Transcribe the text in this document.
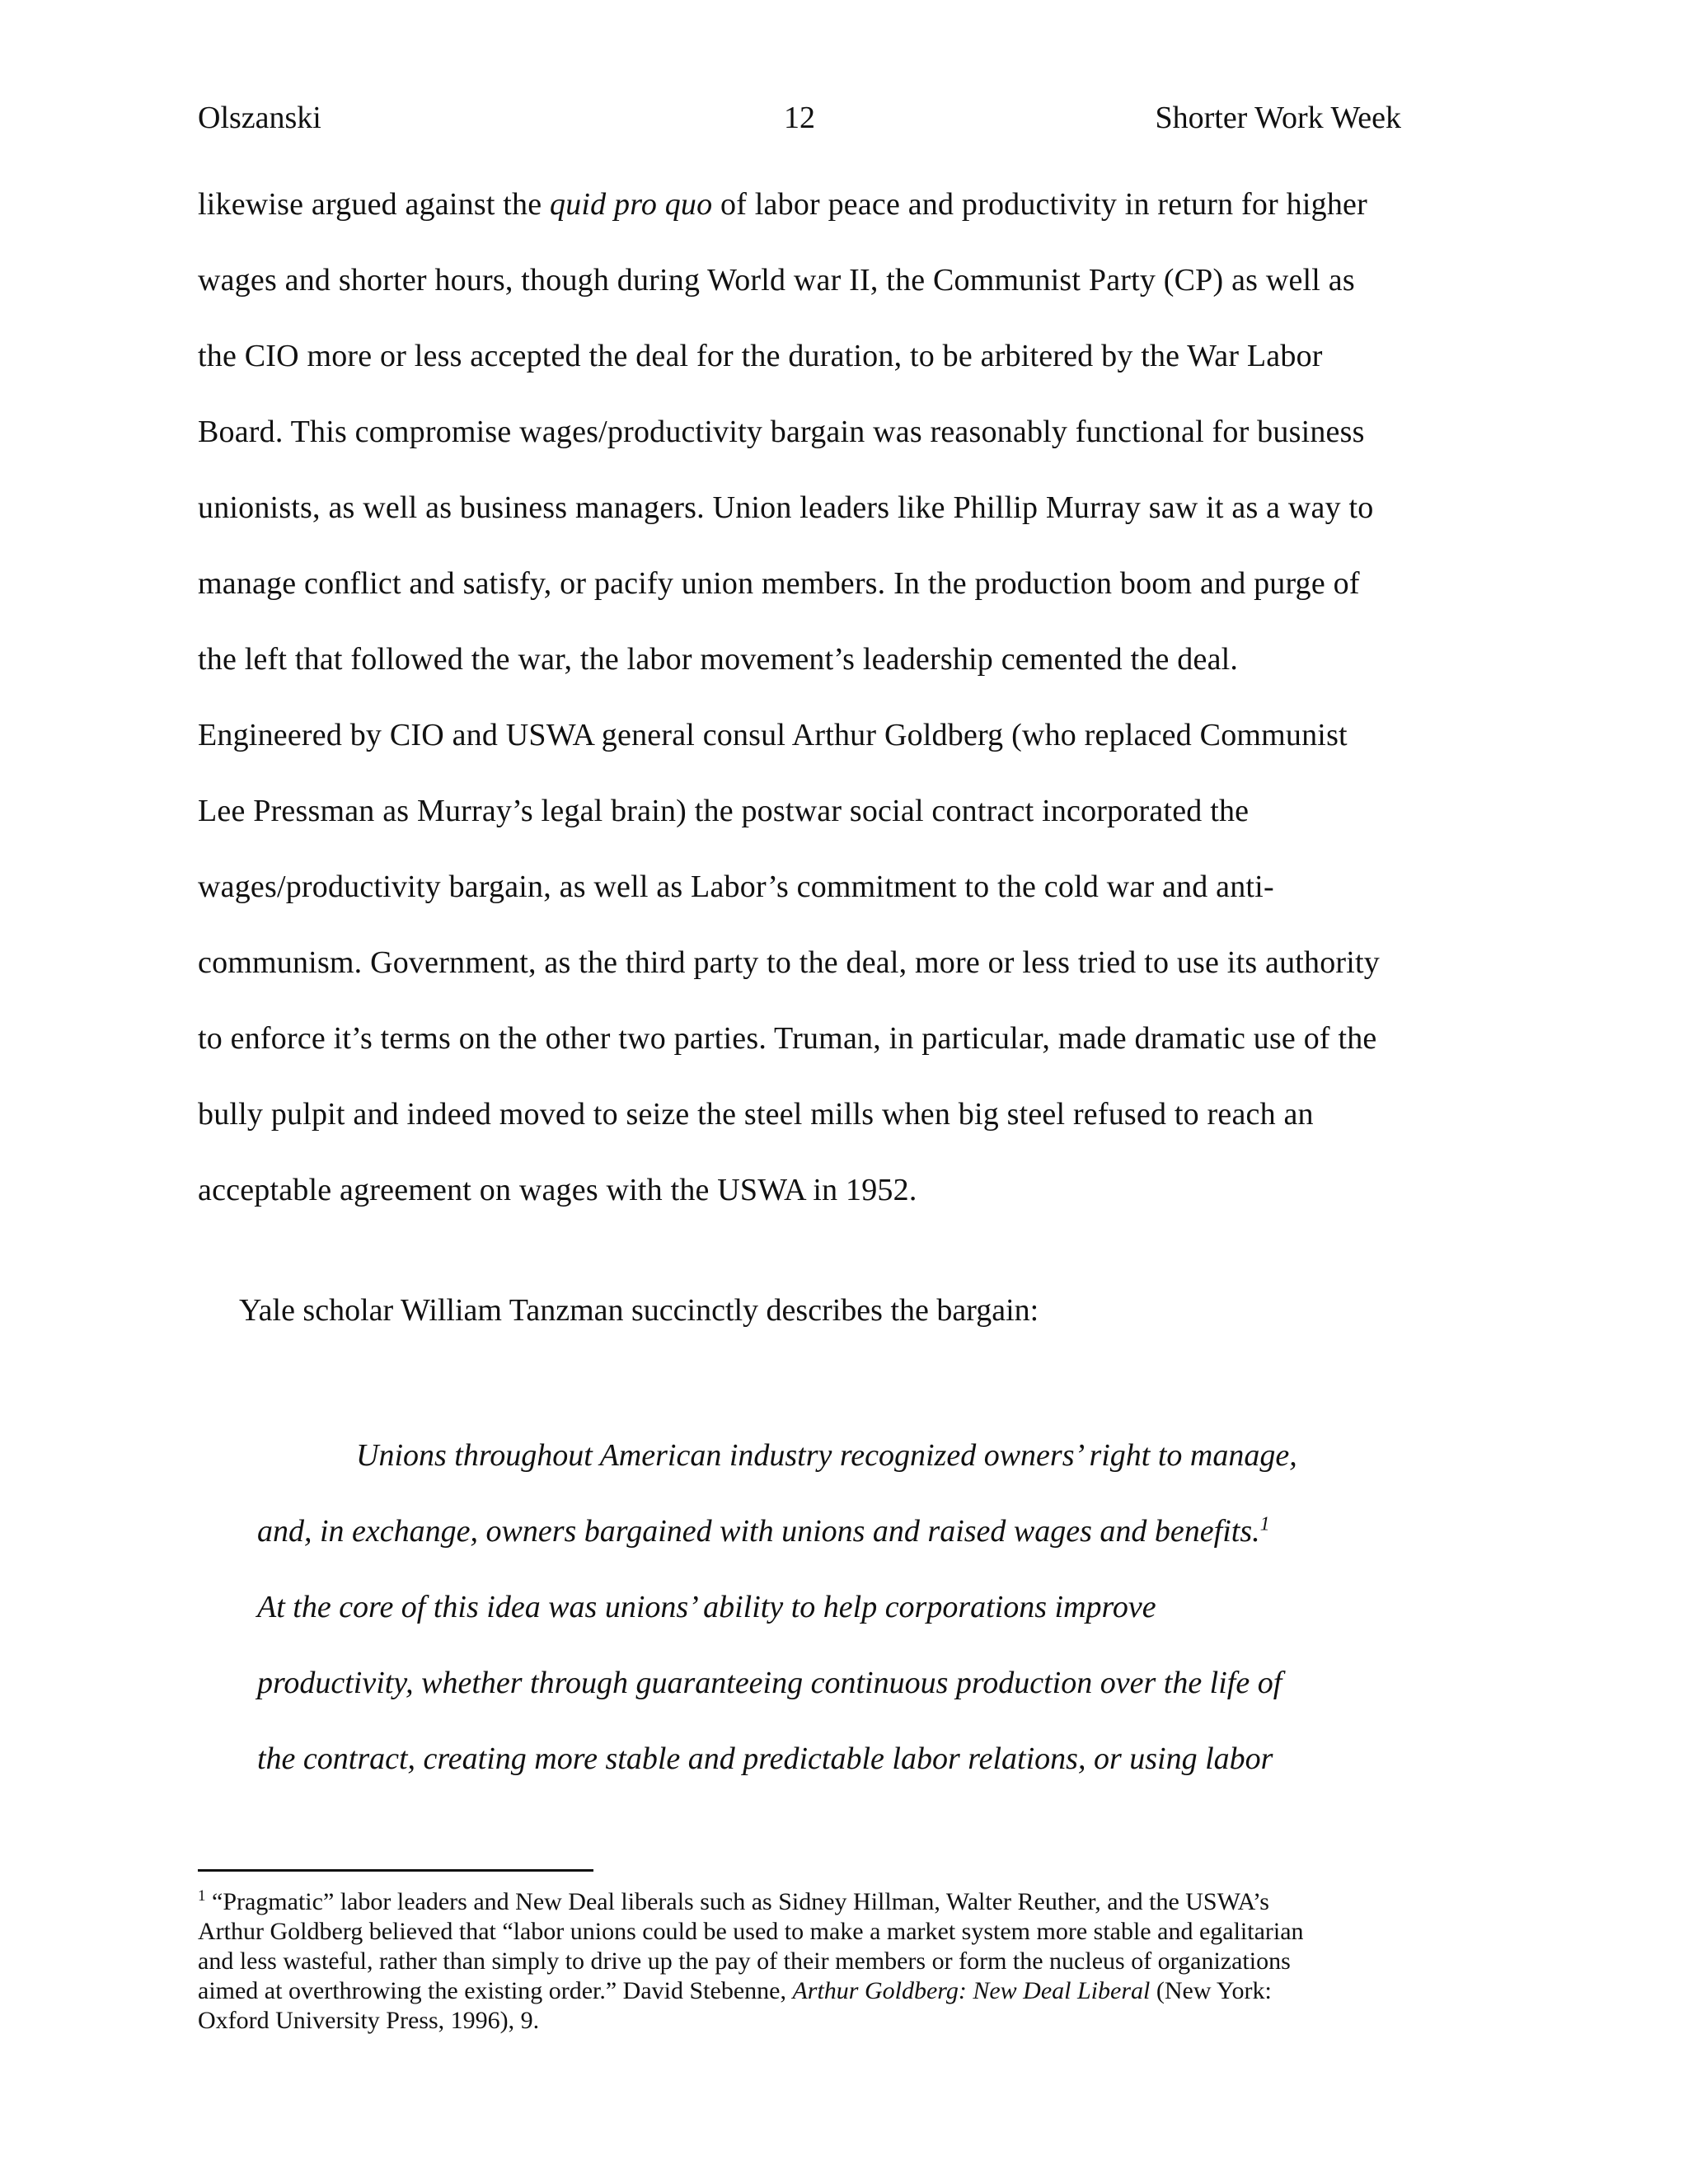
Olszanski	12	Shorter Work Week
likewise argued against the quid pro quo of labor peace and productivity in return for higher
wages and shorter hours, though during World war II, the Communist Party (CP) as well as
the CIO more or less accepted the deal for the duration, to be arbitered by the War Labor
Board. This compromise wages/productivity bargain was reasonably functional for business
unionists, as well as business managers. Union leaders like Phillip Murray saw it as a way to
manage conflict and satisfy, or pacify union members. In the production boom and purge of
the left that followed the war, the labor movement’s leadership cemented the deal.
Engineered by CIO and USWA general consul Arthur Goldberg (who replaced Communist
Lee Pressman as Murray’s legal brain) the postwar social contract incorporated the
wages/productivity bargain, as well as Labor’s commitment to the cold war and anti-
communism. Government, as the third party to the deal, more or less tried to use its authority
to enforce it’s terms on the other two parties. Truman, in particular, made dramatic use of the
bully pulpit and indeed moved to seize the steel mills when big steel refused to reach an
acceptable agreement on wages with the USWA in 1952.
Yale scholar William Tanzman succinctly describes the bargain:
Unions throughout American industry recognized owners’ right to manage,
and, in exchange, owners bargained with unions and raised wages and benefits.$^1$
At the core of this idea was unions’ ability to help corporations improve
productivity, whether through guaranteeing continuous production over the life of
the contract, creating more stable and predictable labor relations, or using labor
$^1$ “Pragmatic” labor leaders and New Deal liberals such as Sidney Hillman, Walter Reuther, and the USWA’s
Arthur Goldberg believed that “labor unions could be used to make a market system more stable and egalitarian
and less wasteful, rather than simply to drive up the pay of their members or form the nucleus of organizations
aimed at overthrowing the existing order.” David Stebenne, Arthur Goldberg: New Deal Liberal (New York:
Oxford University Press, 1996), 9.
